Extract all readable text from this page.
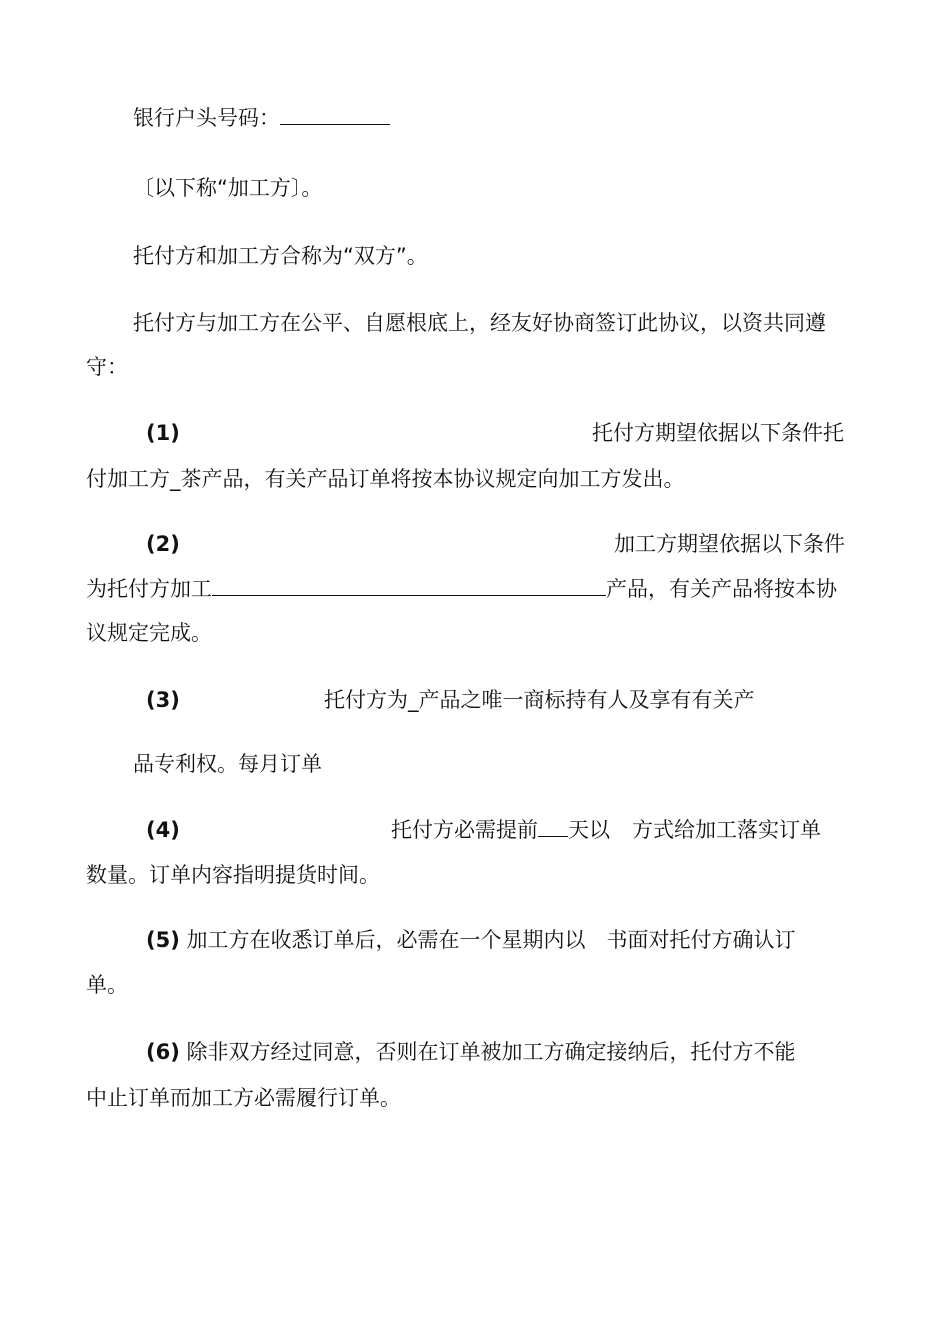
银行户头号码：
〔以下称“加工方〕。
托付方和加工方合称为“双方”。
托付方与加工方在公平、自愿根底上，经友好协商签订此协议，以资共同遵
守：
(1)	托付方期望依据以下条件托
付加工方_茶产品，有关产品订单将按本协议规定向加工方发出。
(2)	加工方期望依据以下条件
为托付方加工	产品，有关产品将按本协
议规定完成。
(3)	托付方为_产品之唯一商标持有人及享有有关产
品专利权。每月订单
(4)	托付方必需提前 天以 方式给加工落实订单
数量。订单内容指明提货时间。
(5) 加工方在收悉订单后，必需在一个星期内以　书面对托付方确认订
单。
(6) 除非双方经过同意，否则在订单被加工方确定接纳后，托付方不能
中止订单而加工方必需履行订单。
